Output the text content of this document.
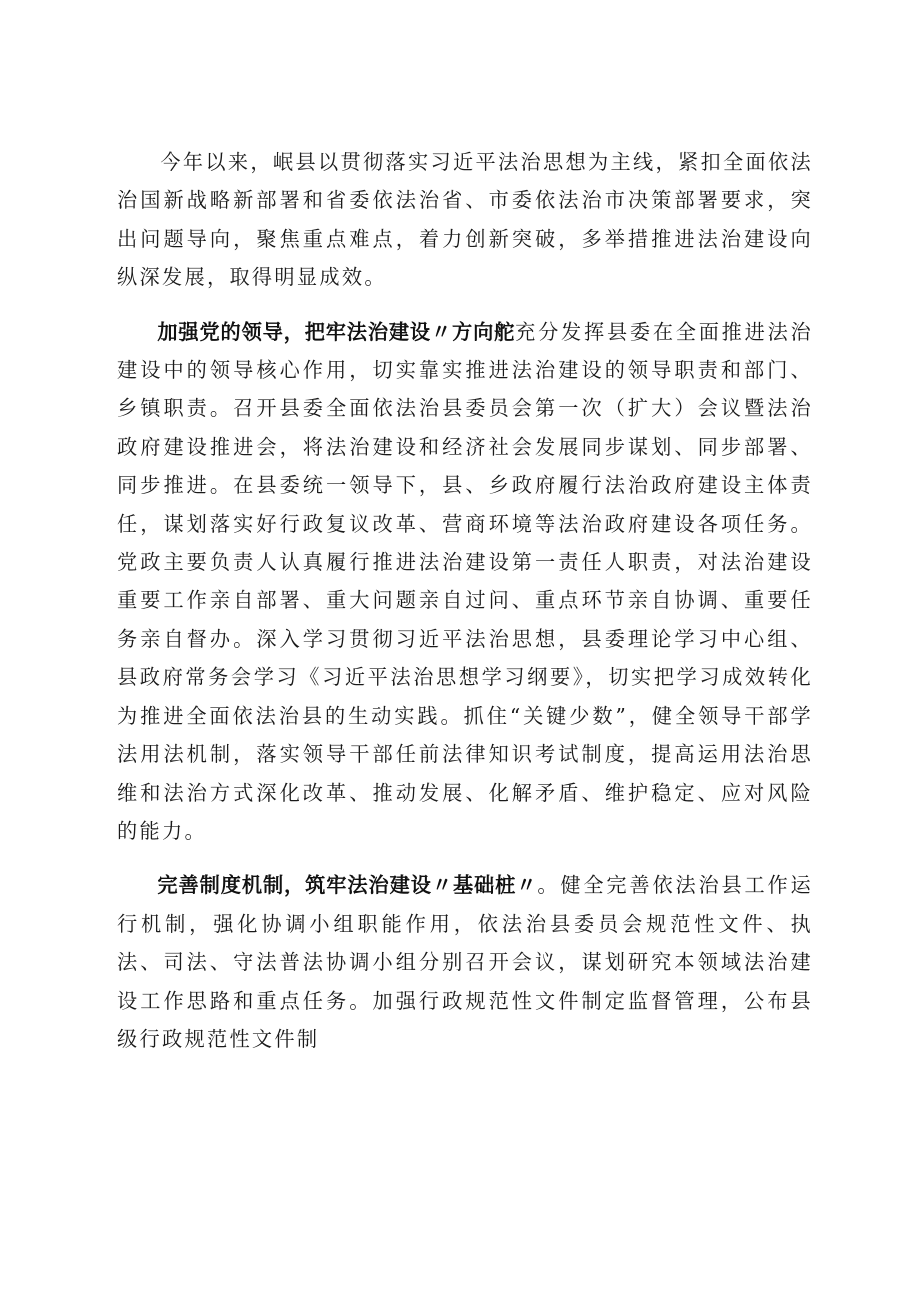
今年以来，岷县以贯彻落实习近平法治思想为主线，紧扣全面依法治国新战略新部署和省委依法治省、市委依法治市决策部署要求，突出问题导向，聚焦重点难点，着力创新突破，多举措推进法治建设向纵深发展，取得明显成效。

加强党的领导，把牢法治建设〃方向舵充分发挥县委在全面推进法治建设中的领导核心作用，切实靠实推进法治建设的领导职责和部门、乡镇职责。召开县委全面依法治县委员会第一次（扩大）会议暨法治政府建设推进会，将法治建设和经济社会发展同步谋划、同步部署、同步推进。在县委统一领导下，县、乡政府履行法治政府建设主体责任，谋划落实好行政复议改革、营商环境等法治政府建设各项任务。党政主要负责人认真履行推进法治建设第一责任人职责，对法治建设重要工作亲自部署、重大问题亲自过问、重点环节亲自协调、重要任务亲自督办。深入学习贯彻习近平法治思想，县委理论学习中心组、县政府常务会学习《习近平法治思想学习纲要》，切实把学习成效转化为推进全面依法治县的生动实践。抓住“关键少数”，健全领导干部学法用法机制，落实领导干部任前法律知识考试制度，提高运用法治思维和法治方式深化改革、推动发展、化解矛盾、维护稳定、应对风险的能力。

完善制度机制，筑牢法治建设〃基础桩〃。健全完善依法治县工作运行机制，强化协调小组职能作用，依法治县委员会规范性文件、执法、司法、守法普法协调小组分别召开会议，谋划研究本领域法治建设工作思路和重点任务。加强行政规范性文件制定监督管理，公布县级行政规范性文件制
